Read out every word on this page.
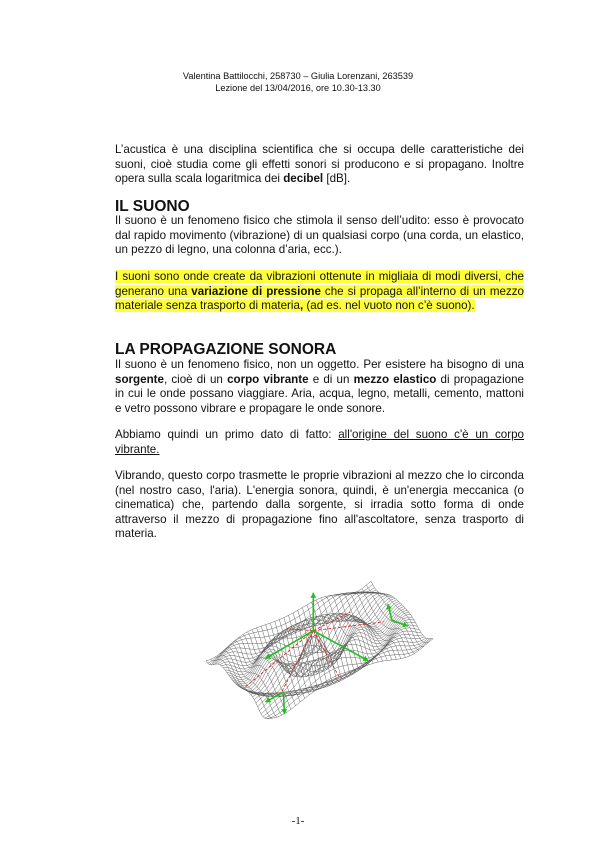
Valentina Battilocchi, 258730 – Giulia Lorenzani, 263539
Lezione del 13/04/2016, ore 10.30-13.30
L’acustica è una disciplina scientifica che si occupa delle caratteristiche dei suoni, cioè studia come gli effetti sonori si producono e si propagano. Inoltre opera sulla scala logaritmica dei decibel [dB].
IL SUONO
Il suono è un fenomeno fisico che stimola il senso dell’udito: esso è provocato dal rapido movimento (vibrazione) di un qualsiasi corpo (una corda, un elastico, un pezzo di legno, una colonna d’aria, ecc.).
I suoni sono onde create da vibrazioni ottenute in migliaia di modi diversi, che generano una variazione di pressione che si propaga all’interno di un mezzo materiale senza trasporto di materia, (ad es. nel vuoto non c’è suono).
LA PROPAGAZIONE SONORA
Il suono è un fenomeno fisico, non un oggetto. Per esistere ha bisogno di una sorgente, cioè di un corpo vibrante e di un mezzo elastico di propagazione in cui le onde possano viaggiare. Aria, acqua, legno, metalli, cemento, mattoni e vetro possono vibrare e propagare le onde sonore.
Abbiamo quindi un primo dato di fatto: all'origine del suono c'è un corpo vibrante.
Vibrando, questo corpo trasmette le proprie vibrazioni al mezzo che lo circonda (nel nostro caso, l'aria). L'energia sonora, quindi, è un'energia meccanica (o cinematica) che, partendo dalla sorgente, si irradia sotto forma di onde attraverso il mezzo di propagazione fino all'ascoltatore, senza trasporto di materia.
-1-
